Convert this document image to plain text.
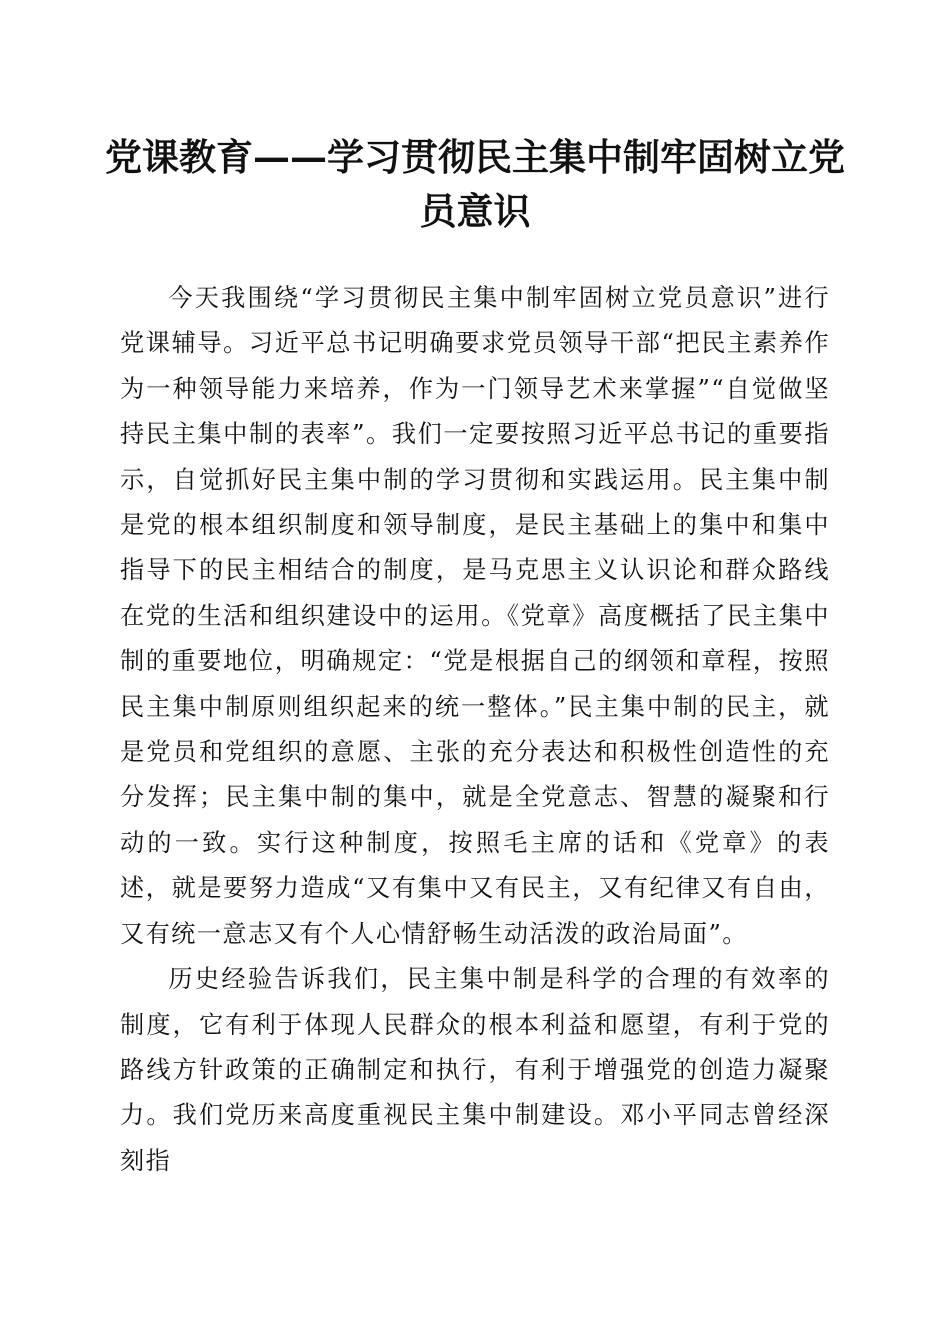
党课教育——学习贯彻民主集中制牢固树立党员意识

今天我围绕“学习贯彻民主集中制牢固树立党员意识”进行党课辅导。习近平总书记明确要求党员领导干部“把民主素养作为一种领导能力来培养，作为一门领导艺术来掌握”“自觉做坚持民主集中制的表率”。我们一定要按照习近平总书记的重要指示，自觉抓好民主集中制的学习贯彻和实践运用。民主集中制是党的根本组织制度和领导制度，是民主基础上的集中和集中指导下的民主相结合的制度，是马克思主义认识论和群众路线在党的生活和组织建设中的运用。《党章》高度概括了民主集中制的重要地位，明确规定：“党是根据自己的纲领和章程，按照民主集中制原则组织起来的统一整体。”民主集中制的民主，就是党员和党组织的意愿、主张的充分表达和积极性创造性的充分发挥；民主集中制的集中，就是全党意志、智慧的凝聚和行动的一致。实行这种制度，按照毛主席的话和《党章》的表述，就是要努力造成“又有集中又有民主，又有纪律又有自由，又有统一意志又有个人心情舒畅生动活泼的政治局面”。

历史经验告诉我们，民主集中制是科学的合理的有效率的制度，它有利于体现人民群众的根本利益和愿望，有利于党的路线方针政策的正确制定和执行，有利于增强党的创造力凝聚力。我们党历来高度重视民主集中制建设。邓小平同志曾经深刻指
